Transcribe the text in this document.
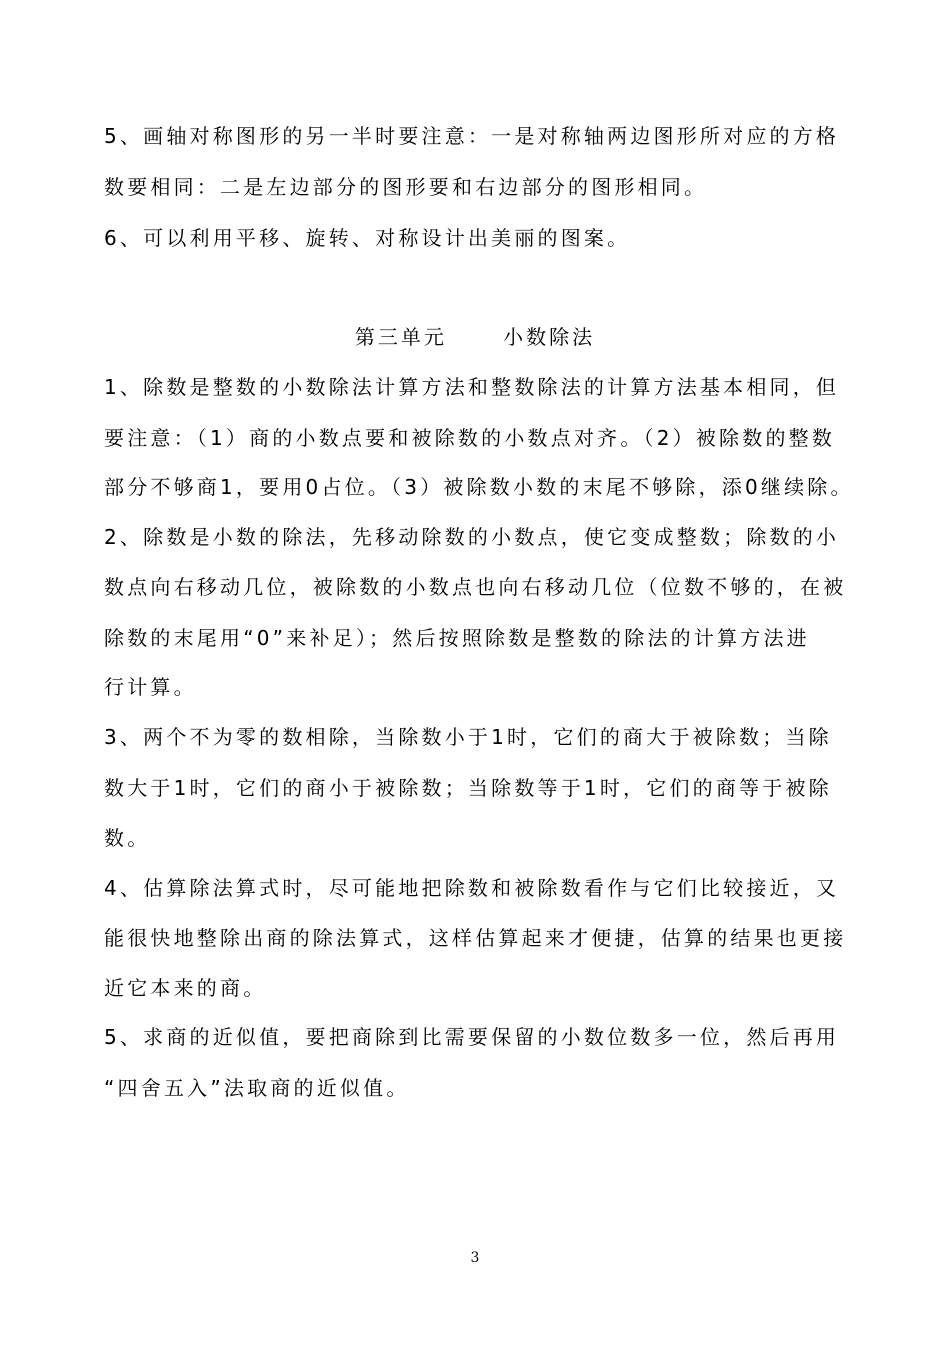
5、画轴对称图形的另一半时要注意：一是对称轴两边图形所对应的方格
数要相同：二是左边部分的图形要和右边部分的图形相同。
6、可以利用平移、旋转、对称设计出美丽的图案。
第三单元      小数除法
1、除数是整数的小数除法计算方法和整数除法的计算方法基本相同，但
要注意：（1）商的小数点要和被除数的小数点对齐。（2）被除数的整数
部分不够商1，要用0占位。（3）被除数小数的末尾不够除，添0继续除。
2、除数是小数的除法，先移动除数的小数点，使它变成整数；除数的小
数点向右移动几位，被除数的小数点也向右移动几位（位数不够的，在被
除数的末尾用“0”来补足）；然后按照除数是整数的除法的计算方法进
行计算。
3、两个不为零的数相除，当除数小于1时，它们的商大于被除数；当除
数大于1时，它们的商小于被除数；当除数等于1时，它们的商等于被除
数。
4、估算除法算式时，尽可能地把除数和被除数看作与它们比较接近，又
能很快地整除出商的除法算式，这样估算起来才便捷，估算的结果也更接
近它本来的商。
5、求商的近似值，要把商除到比需要保留的小数位数多一位，然后再用
“四舍五入”法取商的近似值。
3
